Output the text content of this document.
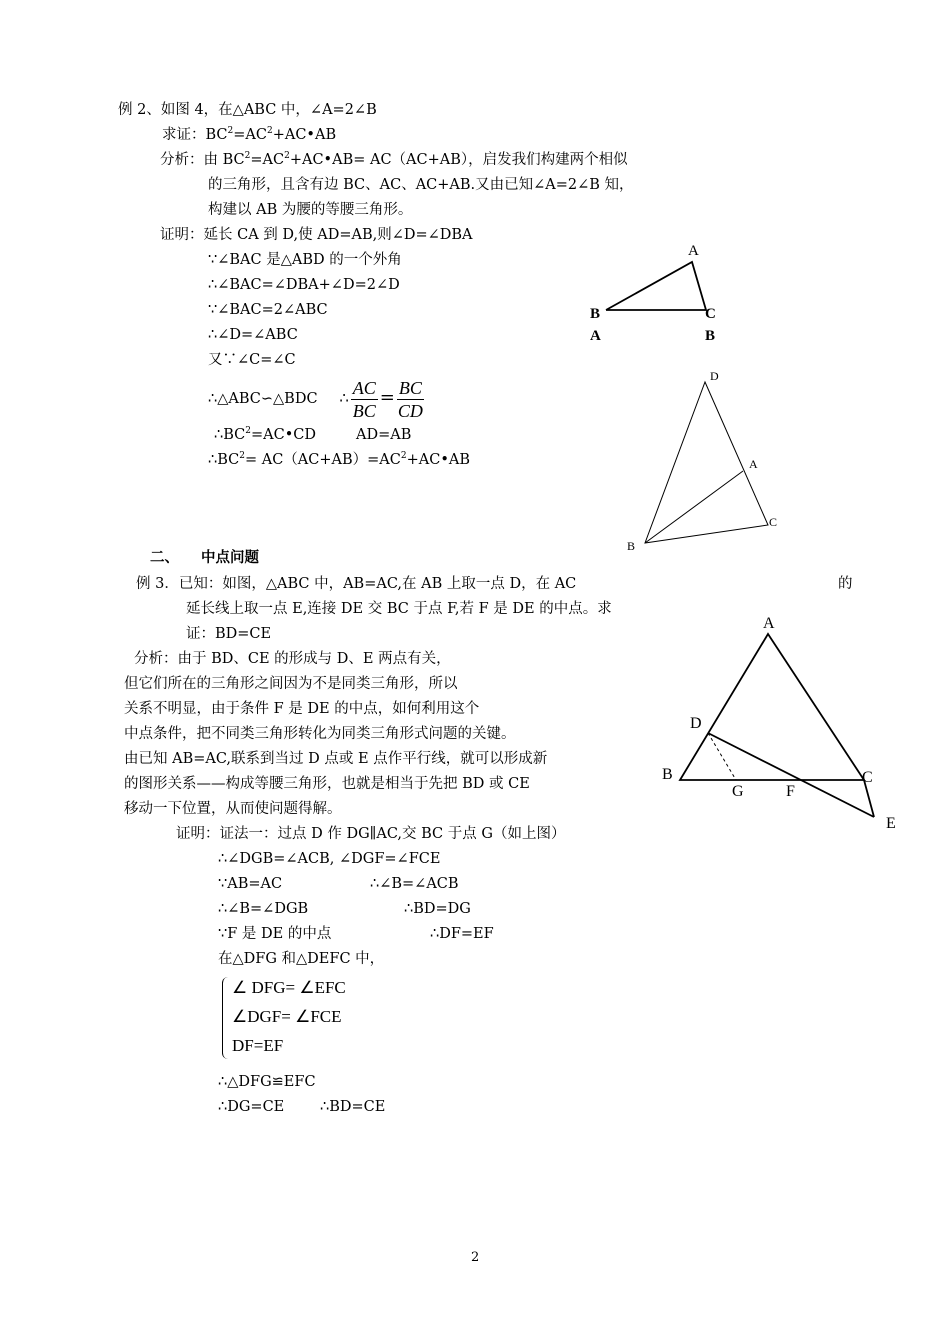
例 2、如图 4，在△ABC 中，∠A=2∠B
求证：$BC^2=AC^2+AC•AB$
分析：由 $BC^2=AC^2+AC•AB= AC(AC+AB)$，启发我们构建两个相似
的三角形，且含有边 BC、AC、AC+AB.又由已知∠A=2∠B 知，
构建以 AB 为腰的等腰三角形。
证明：延长 CA 到 D,使 AD=AB,则∠D=∠DBA
∵∠BAC 是△ABD 的一个外角
∴∠BAC=∠DBA+∠D=2∠D
∵∠BAC=2∠ABC
∴∠D=∠ABC
又∵∠C=∠C
∴△ABC∽△BDC ∴ $\frac{AC}{BC} = \frac{BC}{CD}$
$\therefore BC^2=AC•CD$	AD=AB
$\therefore BC^2=$ $AC(AC+AB)=AC^2+AC•AB$
A
B	C
A	B
D
A
B
C
二、 中点问题
例 3．已知：如图，△ABC 中，AB=AC,在 AB 上取一点 D，在 AC	的
延长线上取一点 E,连接 DE 交 BC 于点 F,若 F 是 DE 的中点。求
证：BD=CE
分析：由于 BD、CE 的形成与 D、E 两点有关，
但它们所在的三角形之间因为不是同类三角形，所以
关系不明显，由于条件 F 是 DE 的中点，如何利用这个
中点条件，把不同类三角形转化为同类三角形式问题的关键。
由已知 AB=AC,联系到当过 D 点或 E 点作平行线，就可以形成新
的图形关系——构成等腰三角形，也就是相当于先把 BD 或 CE
移动一下位置，从而使问题得解。
证明：证法一：过点 D 作 DG∥AC,交 BC 于点 G（如上图）
∴∠DGB=∠ACB, ∠DGF=∠FCE
∵AB=AC	∴∠B=∠ACB
∴∠B=∠DGB	∴BD=DG
∵F 是 DE 的中点	∴DF=EF
在△DFG 和△DEFC 中，
∠ DFG= ∠EFC
∠DGF= ∠FCE
DF=EF
∴△DFG≌EFC
∴DG=CE ∴BD=CE
A
D
B	C
G	F
E
2
